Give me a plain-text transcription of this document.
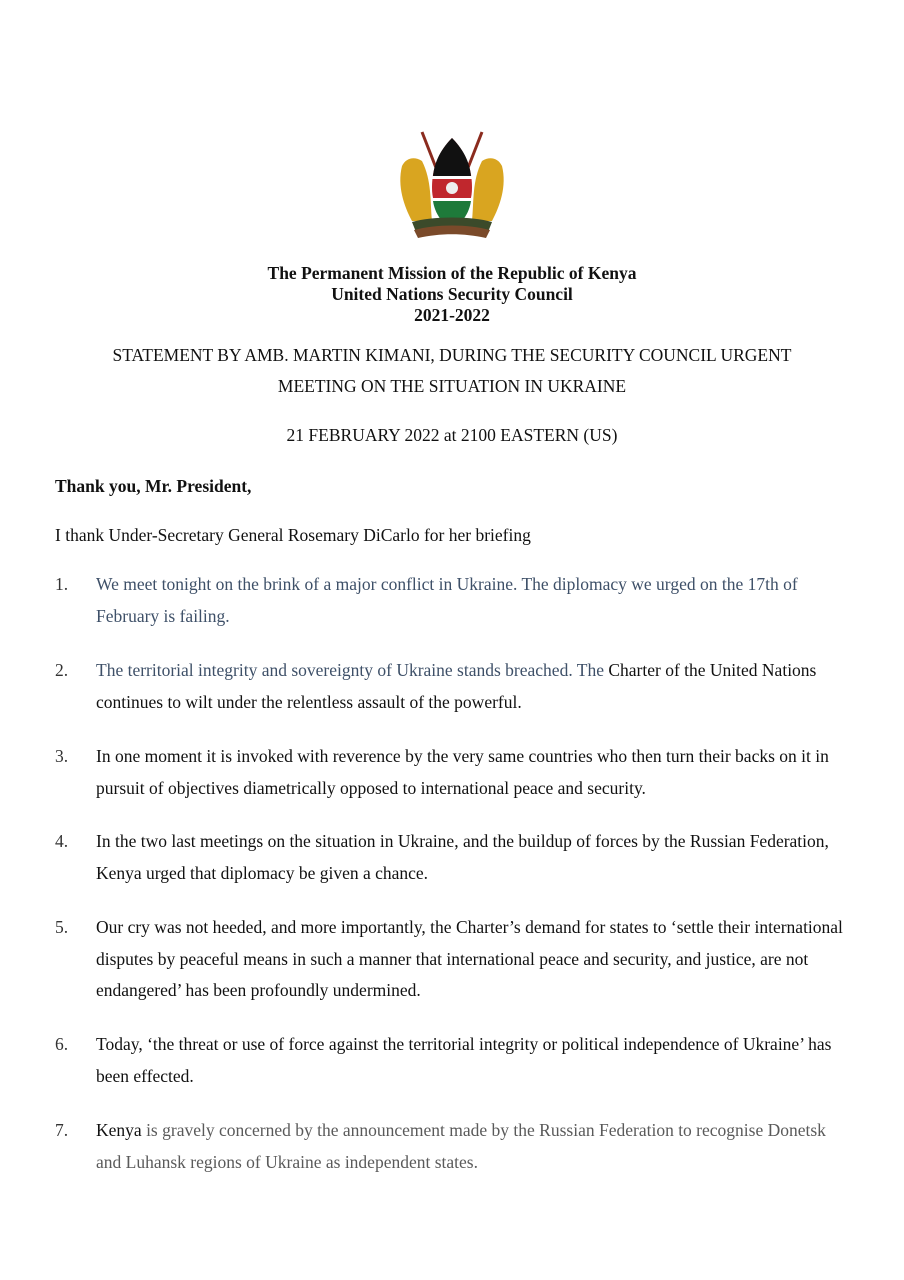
The Permanent Mission of the Republic of Kenya
United Nations Security Council
2021-2022
STATEMENT BY AMB. MARTIN KIMANI, DURING THE SECURITY COUNCIL URGENT
MEETING ON THE SITUATION IN UKRAINE
21 FEBRUARY 2022 at 2100 EASTERN (US)
Thank you, Mr. President,
I thank Under-Secretary General Rosemary DiCarlo for her briefing
1. We meet tonight on the brink of a major conflict in Ukraine. The diplomacy we urged on the 17th of February is failing.
2. The territorial integrity and sovereignty of Ukraine stands breached. The Charter of the United Nations continues to wilt under the relentless assault of the powerful.
3. In one moment it is invoked with reverence by the very same countries who then turn their backs on it in pursuit of objectives diametrically opposed to international peace and security.
4. In the two last meetings on the situation in Ukraine, and the buildup of forces by the Russian Federation, Kenya urged that diplomacy be given a chance.
5. Our cry was not heeded, and more importantly, the Charter’s demand for states to ‘settle their international disputes by peaceful means in such a manner that international peace and security, and justice, are not endangered’ has been profoundly undermined.
6. Today, ‘the threat or use of force against the territorial integrity or political independence of Ukraine’ has been effected.
7. Kenya is gravely concerned by the announcement made by the Russian Federation to recognise Donetsk and Luhansk regions of Ukraine as independent states.
